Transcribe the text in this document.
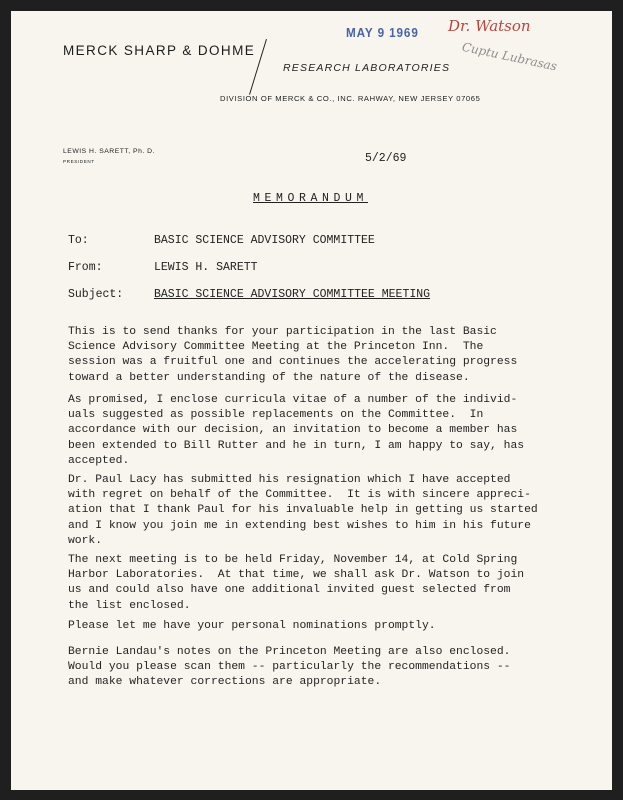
MERCK SHARP & DOHME
RESEARCH LABORATORIES
DIVISION OF MERCK & CO., INC. RAHWAY, NEW JERSEY 07065
MAY 9 1969 Dr. Watson
Cuptu Lubrasas
LEWIS H. SARETT, Ph. D.
PRESIDENT	5/2/69
MEMORANDUM
To:	BASIC SCIENCE ADVISORY COMMITTEE
From:	LEWIS H. SARETT
Subject:	BASIC SCIENCE ADVISORY COMMITTEE MEETING
This is to send thanks for your participation in the last Basic
Science Advisory Committee Meeting at the Princeton Inn.  The
session was a fruitful one and continues the accelerating progress
toward a better understanding of the nature of the disease.
As promised, I enclose curricula vitae of a number of the individ-
uals suggested as possible replacements on the Committee.  In
accordance with our decision, an invitation to become a member has
been extended to Bill Rutter and he in turn, I am happy to say, has
accepted.
Dr. Paul Lacy has submitted his resignation which I have accepted
with regret on behalf of the Committee.  It is with sincere appreci-
ation that I thank Paul for his invaluable help in getting us started
and I know you join me in extending best wishes to him in his future
work.
The next meeting is to be held Friday, November 14, at Cold Spring
Harbor Laboratories.  At that time, we shall ask Dr. Watson to join
us and could also have one additional invited guest selected from
the list enclosed.
Please let me have your personal nominations promptly.
Bernie Landau's notes on the Princeton Meeting are also enclosed.
Would you please scan them -- particularly the recommendations --
and make whatever corrections are appropriate.
